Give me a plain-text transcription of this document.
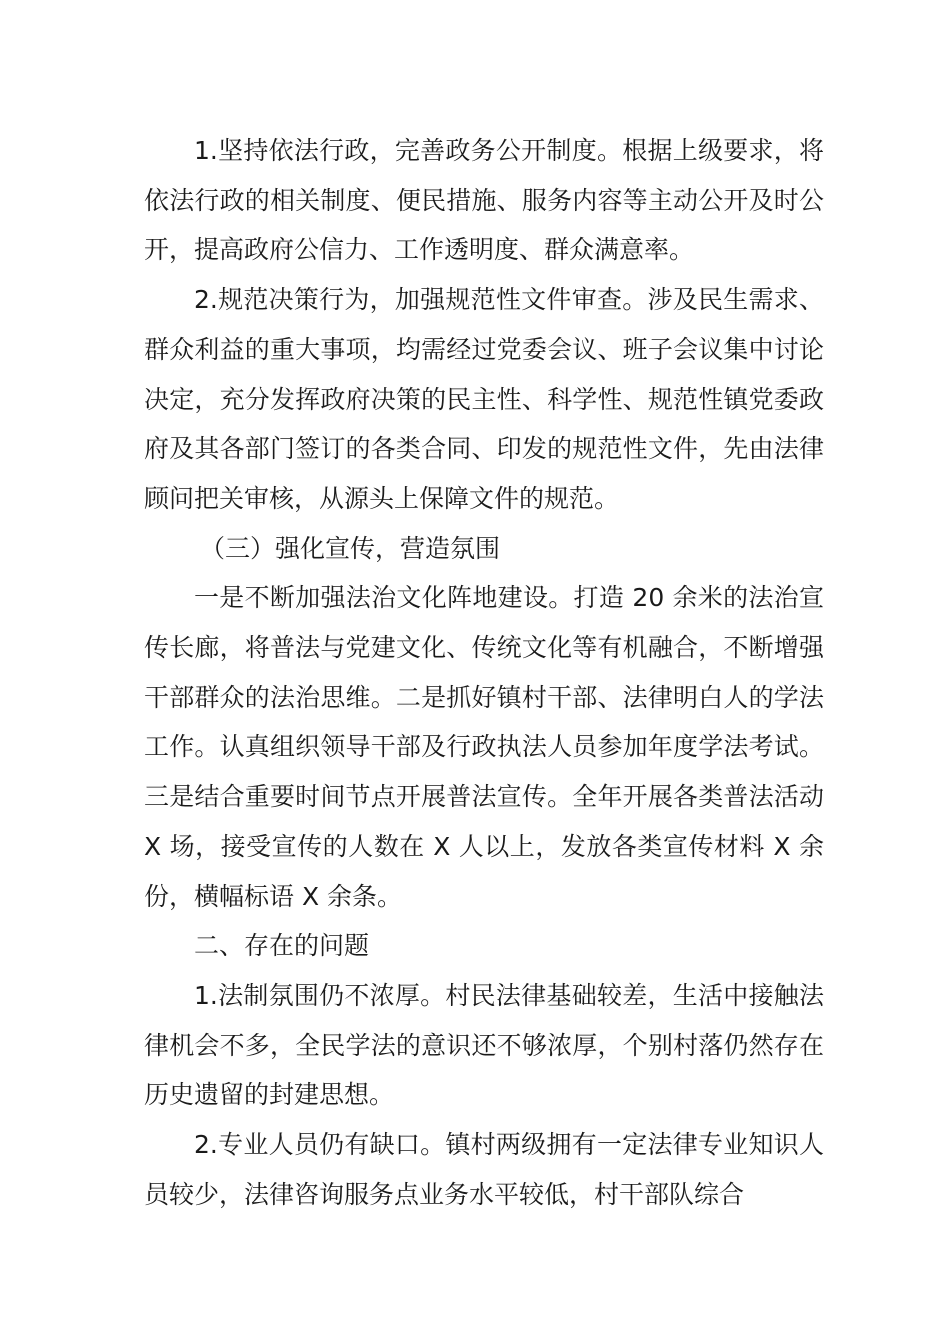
1.坚持依法行政，完善政务公开制度。根据上级要求，将依法行政的相关制度、便民措施、服务内容等主动公开及时公开，提高政府公信力、工作透明度、群众满意率。

2.规范决策行为，加强规范性文件审查。涉及民生需求、群众利益的重大事项，均需经过党委会议、班子会议集中讨论决定，充分发挥政府决策的民主性、科学性、规范性镇党委政府及其各部门签订的各类合同、印发的规范性文件，先由法律顾问把关审核，从源头上保障文件的规范。

（三）强化宣传，营造氛围

一是不断加强法治文化阵地建设。打造 20 余米的法治宣传长廊，将普法与党建文化、传统文化等有机融合，不断增强干部群众的法治思维。二是抓好镇村干部、法律明白人的学法工作。认真组织领导干部及行政执法人员参加年度学法考试。三是结合重要时间节点开展普法宣传。全年开展各类普法活动 X 场，接受宣传的人数在 X 人以上，发放各类宣传材料 X 余份，横幅标语 X 余条。

二、存在的问题

1.法制氛围仍不浓厚。村民法律基础较差，生活中接触法律机会不多，全民学法的意识还不够浓厚，个别村落仍然存在历史遗留的封建思想。

2.专业人员仍有缺口。镇村两级拥有一定法律专业知识人员较少，法律咨询服务点业务水平较低，村干部队综合
